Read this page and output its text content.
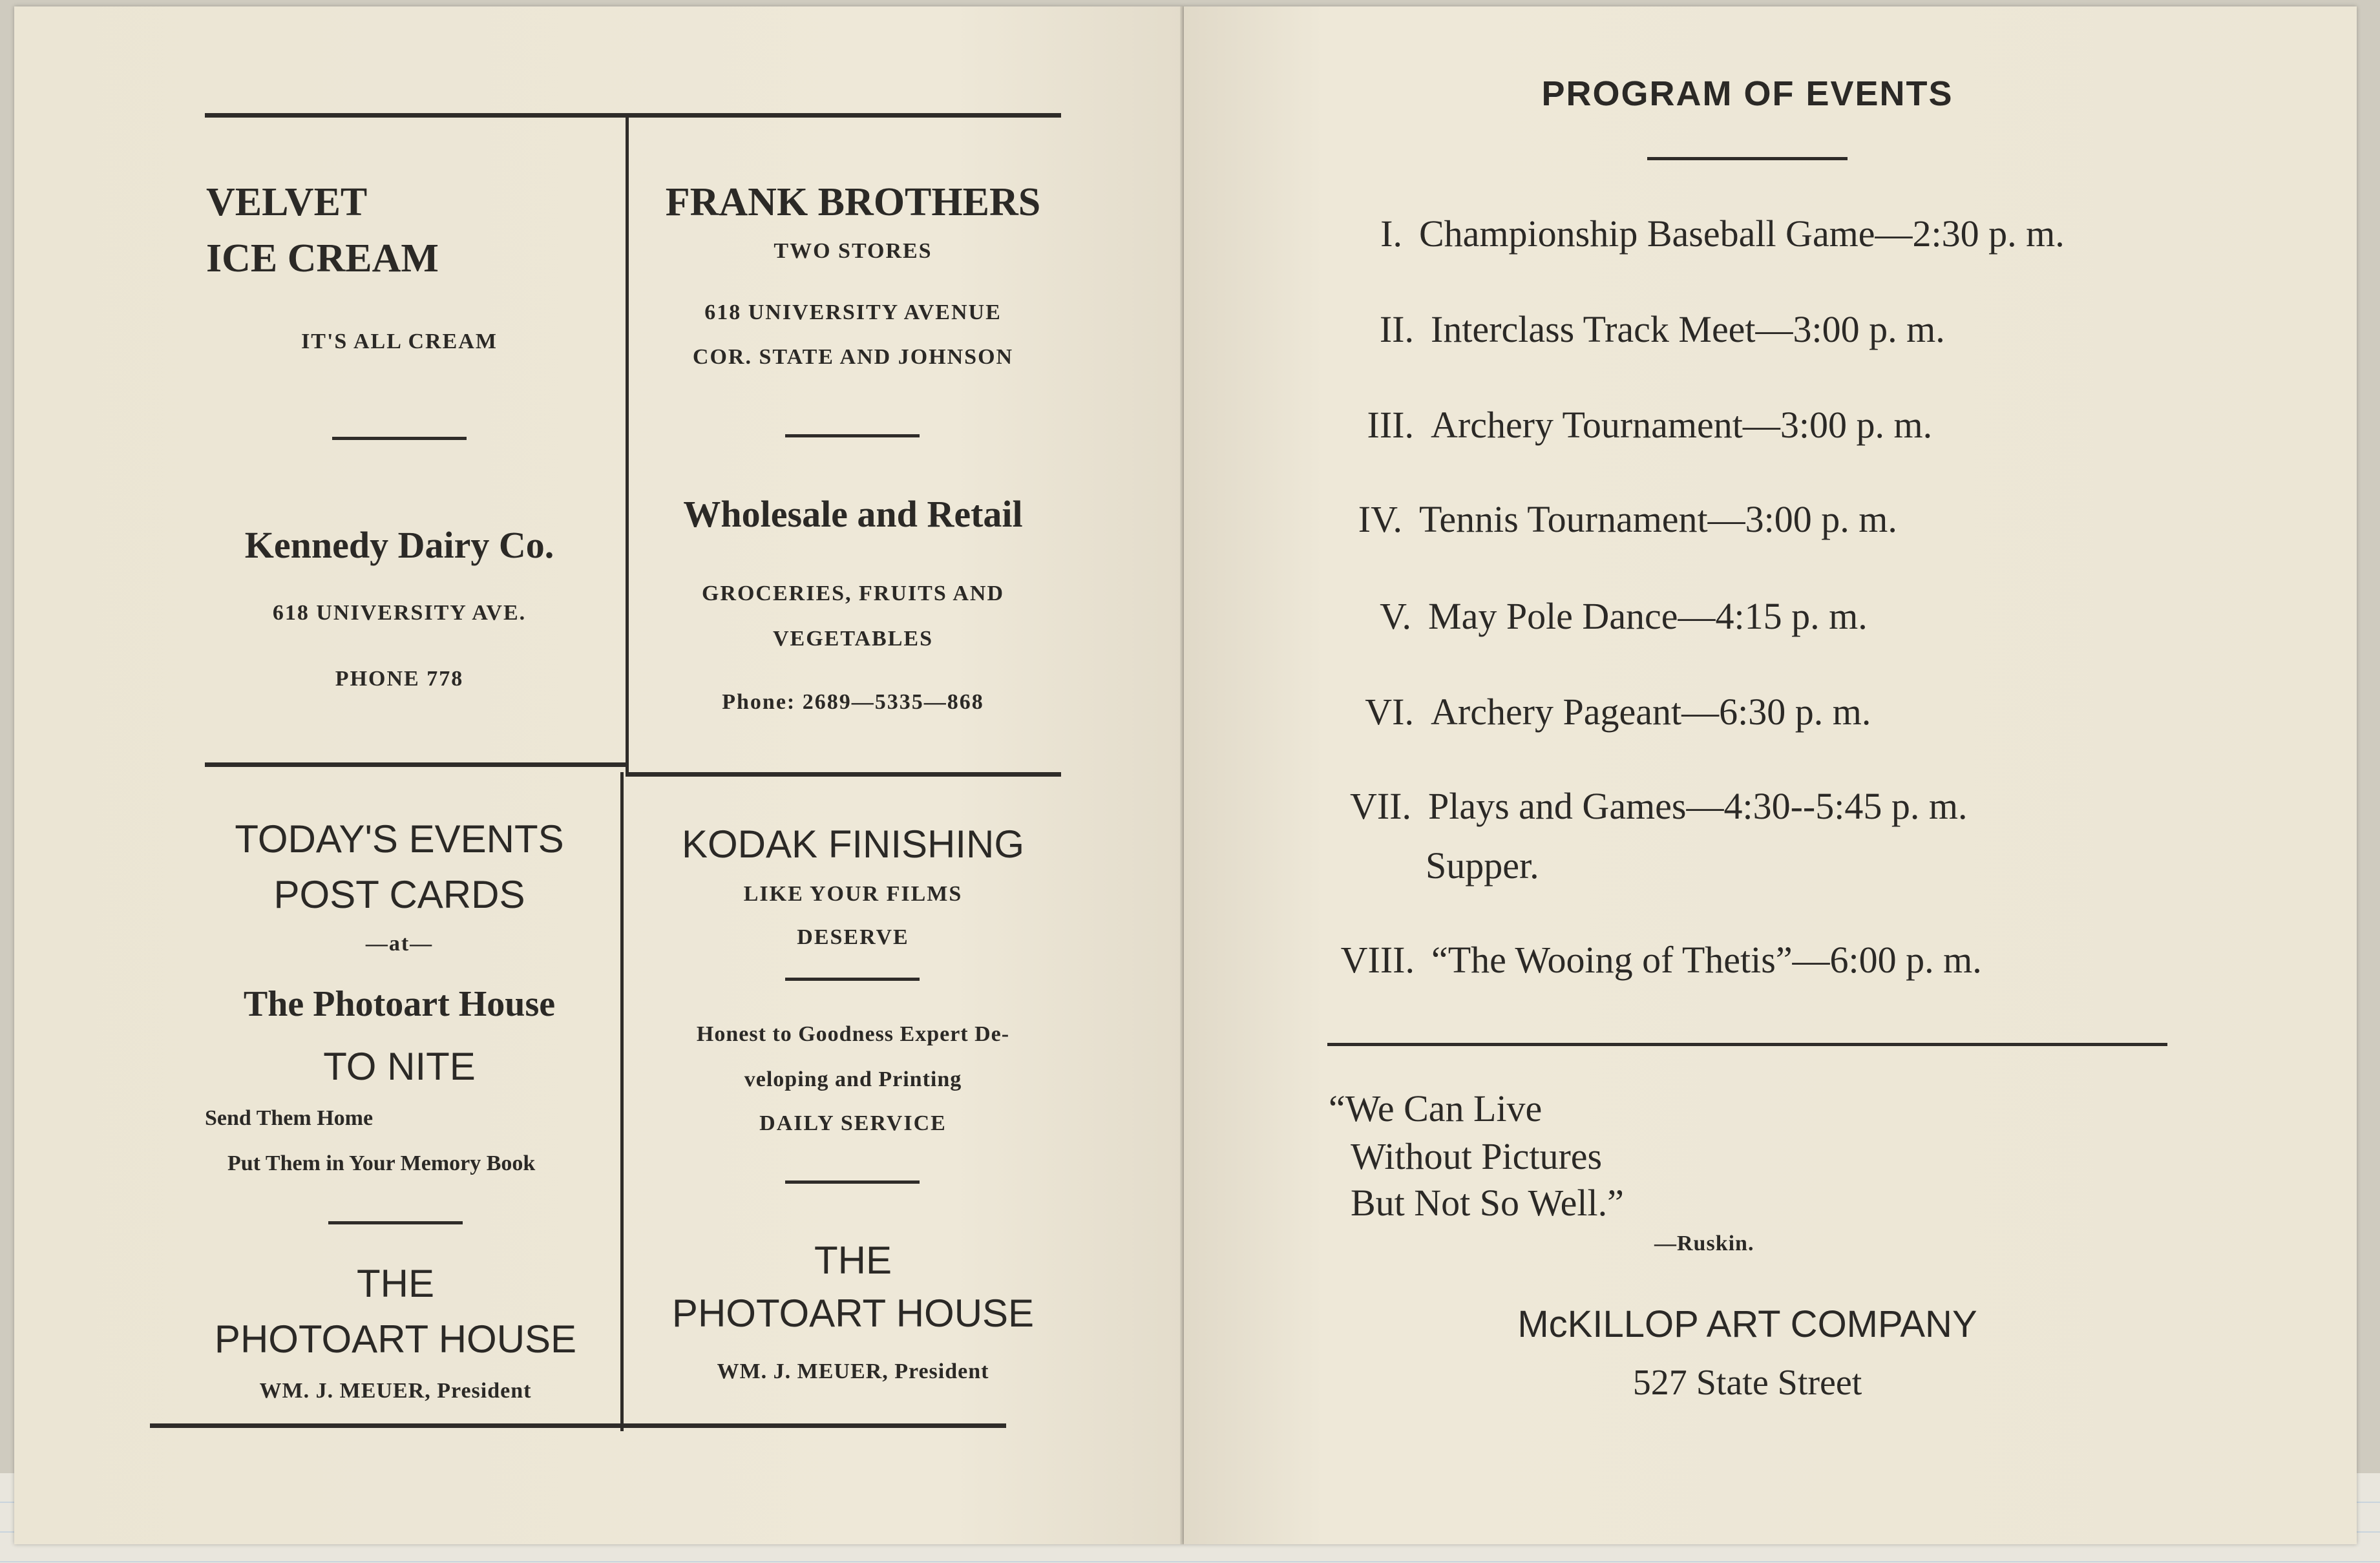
VELVET
ICE CREAM
IT'S ALL CREAM
Kennedy Dairy Co.
618 UNIVERSITY AVE.
PHONE 778
FRANK BROTHERS
TWO STORES
618 UNIVERSITY AVENUE
COR. STATE AND JOHNSON
Wholesale and Retail
GROCERIES, FRUITS AND
VEGETABLES
Phone: 2689—5335—868
TODAY'S EVENTS
POST CARDS
—at—
The Photoart House
TO NITE
Send Them Home
Put Them in Your Memory Book
THE
PHOTOART HOUSE
WM. J. MEUER, President
KODAK FINISHING
LIKE YOUR FILMS
DESERVE
Honest to Goodness Expert De-
veloping and Printing
DAILY SERVICE
THE
PHOTOART HOUSE
WM. J. MEUER, President
PROGRAM OF EVENTS
I. Championship Baseball Game—2:30 p. m.
II. Interclass Track Meet—3:00 p. m.
III. Archery Tournament—3:00 p. m.
IV. Tennis Tournament—3:00 p. m.
V. May Pole Dance—4:15 p. m.
VI. Archery Pageant—6:30 p. m.
VII. Plays and Games—4:30--5:45 p. m.
Supper.
VIII. “The Wooing of Thetis”—6:00 p. m.
“We Can Live
Without Pictures
But Not So Well.”
—Ruskin.
McKILLOP ART COMPANY
527 State Street
